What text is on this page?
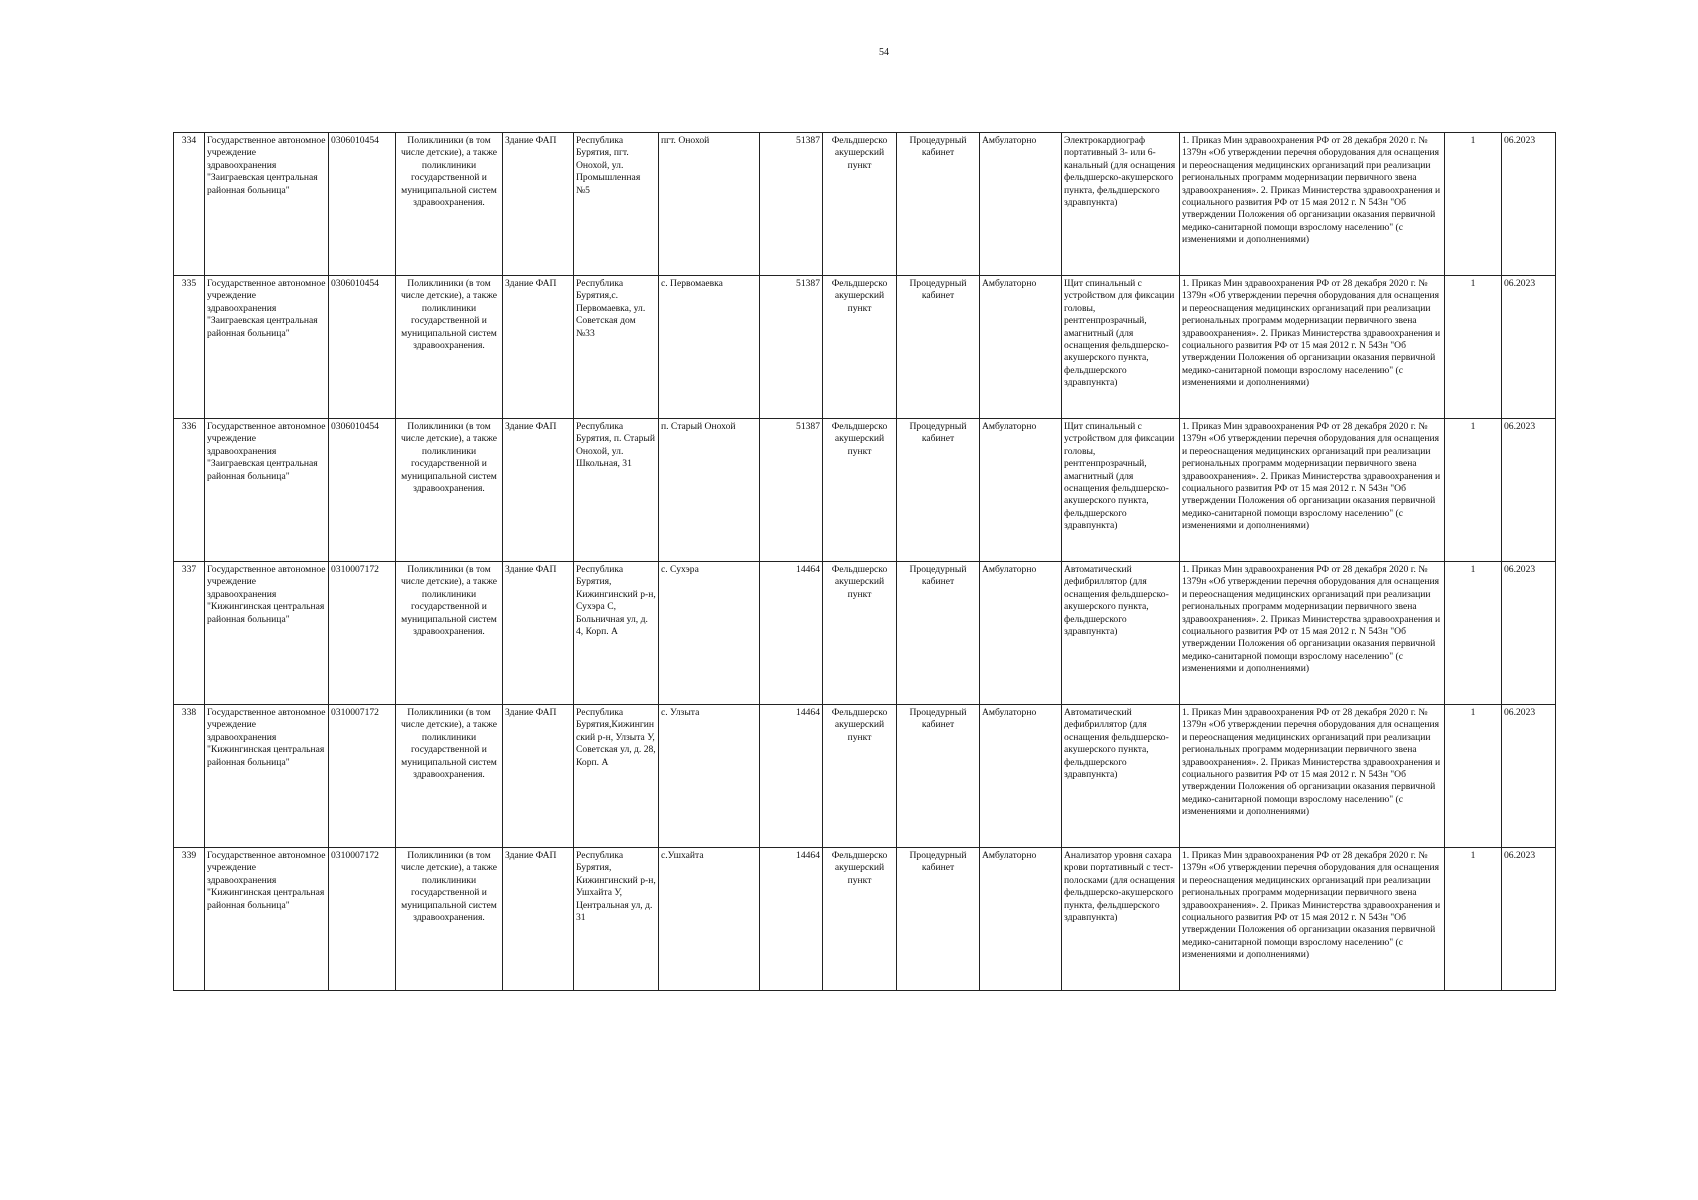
54
334	Государственное автономное учреждение здравоохранения "Заиграевская центральная районная больница"	0306010454	Поликлиники (в том числе детские), а также поликлиники государственной и муниципальной систем здравоохранения.	Здание ФАП	Республика Бурятия, пгт. Онохой, ул. Промышленная №5	пгт. Онохой	51387	Фельдшерско акушерский пункт	Процедурный кабинет	Амбулаторно	Электрокардиограф портативный 3- или 6-канальный (для оснащения фельдшерско-акушерского пункта, фельдшерского здравпункта)	1. Приказ Мин здравоохранения РФ от 28 декабря 2020 г. № 1379н «Об утверждении перечня оборудования для оснащения и переоснащения медицинских организаций при реализации региональных программ модернизации первичного звена здравоохранения». 2. Приказ Министерства здравоохранения и социального развития РФ от 15 мая 2012 г. N 543н "Об утверждении Положения об организации оказания первичной медико-санитарной помощи взрослому населению" (с изменениями и дополнениями)	1	06.2023
335	Государственное автономное учреждение здравоохранения "Заиграевская центральная районная больница"	0306010454	Поликлиники (в том числе детские), а также поликлиники государственной и муниципальной систем здравоохранения.	Здание ФАП	Республика Бурятия,с. Первомаевка, ул. Советская дом №33	с. Первомаевка	51387	Фельдшерско акушерский пункт	Процедурный кабинет	Амбулаторно	Щит спинальный с устройством для фиксации головы, рентгенпрозрачный, амагнитный (для оснащения фельдшерско-акушерского пункта, фельдшерского здравпункта)	1. Приказ Мин здравоохранения РФ от 28 декабря 2020 г. № 1379н «Об утверждении перечня оборудования для оснащения и переоснащения медицинских организаций при реализации региональных программ модернизации первичного звена здравоохранения». 2. Приказ Министерства здравоохранения и социального развития РФ от 15 мая 2012 г. N 543н "Об утверждении Положения об организации оказания первичной медико-санитарной помощи взрослому населению" (с изменениями и дополнениями)	1	06.2023
336	Государственное автономное учреждение здравоохранения "Заиграевская центральная районная больница"	0306010454	Поликлиники (в том числе детские), а также поликлиники государственной и муниципальной систем здравоохранения.	Здание ФАП	Республика Бурятия, п. Старый Онохой, ул. Школьная, 31	п. Старый Онохой	51387	Фельдшерско акушерский пункт	Процедурный кабинет	Амбулаторно	Щит спинальный с устройством для фиксации головы, рентгенпрозрачный, амагнитный (для оснащения фельдшерско-акушерского пункта, фельдшерского здравпункта)	1. Приказ Мин здравоохранения РФ от 28 декабря 2020 г. № 1379н «Об утверждении перечня оборудования для оснащения и переоснащения медицинских организаций при реализации региональных программ модернизации первичного звена здравоохранения». 2. Приказ Министерства здравоохранения и социального развития РФ от 15 мая 2012 г. N 543н "Об утверждении Положения об организации оказания первичной медико-санитарной помощи взрослому населению" (с изменениями и дополнениями)	1	06.2023
337	Государственное автономное учреждение здравоохранения "Кижингинская центральная районная больница"	0310007172	Поликлиники (в том числе детские), а также поликлиники государственной и муниципальной систем здравоохранения.	Здание ФАП	Республика Бурятия, Кижингинский р-н, Сухэра С, Больничная ул, д. 4, Корп. А	с. Сухэра	14464	Фельдшерско акушерский пункт	Процедурный кабинет	Амбулаторно	Автоматический дефибриллятор (для оснащения фельдшерско-акушерского пункта, фельдшерского здравпункта)	1. Приказ Мин здравоохранения РФ от 28 декабря 2020 г. № 1379н «Об утверждении перечня оборудования для оснащения и переоснащения медицинских организаций при реализации региональных программ модернизации первичного звена здравоохранения». 2. Приказ Министерства здравоохранения и социального развития РФ от 15 мая 2012 г. N 543н "Об утверждении Положения об организации оказания первичной медико-санитарной помощи взрослому населению" (с изменениями и дополнениями)	1	06.2023
338	Государственное автономное учреждение здравоохранения "Кижингинская центральная районная больница"	0310007172	Поликлиники (в том числе детские), а также поликлиники государственной и муниципальной систем здравоохранения.	Здание ФАП	Республика Бурятия,Кижингинский р-н, Улзыта У, Советская ул, д. 28, Корп. А	с. Улзыта	14464	Фельдшерско акушерский пункт	Процедурный кабинет	Амбулаторно	Автоматический дефибриллятор (для оснащения фельдшерско-акушерского пункта, фельдшерского здравпункта)	1. Приказ Мин здравоохранения РФ от 28 декабря 2020 г. № 1379н «Об утверждении перечня оборудования для оснащения и переоснащения медицинских организаций при реализации региональных программ модернизации первичного звена здравоохранения». 2. Приказ Министерства здравоохранения и социального развития РФ от 15 мая 2012 г. N 543н "Об утверждении Положения об организации оказания первичной медико-санитарной помощи взрослому населению" (с изменениями и дополнениями)	1	06.2023
339	Государственное автономное учреждение здравоохранения "Кижингинская центральная районная больница"	0310007172	Поликлиники (в том числе детские), а также поликлиники государственной и муниципальной систем здравоохранения.	Здание ФАП	Республика Бурятия, Кижингинский р-н, Ушхайта У, Центральная ул, д. 31	с.Ушхайта	14464	Фельдшерско акушерский пункт	Процедурный кабинет	Амбулаторно	Анализатор уровня сахара крови портативный с тест-полосками (для оснащения фельдшерско-акушерского пункта, фельдшерского здравпункта)	1. Приказ Мин здравоохранения РФ от 28 декабря 2020 г. № 1379н «Об утверждении перечня оборудования для оснащения и переоснащения медицинских организаций при реализации региональных программ модернизации первичного звена здравоохранения». 2. Приказ Министерства здравоохранения и социального развития РФ от 15 мая 2012 г. N 543н "Об утверждении Положения об организации оказания первичной медико-санитарной помощи взрослому населению" (с изменениями и дополнениями)	1	06.2023
